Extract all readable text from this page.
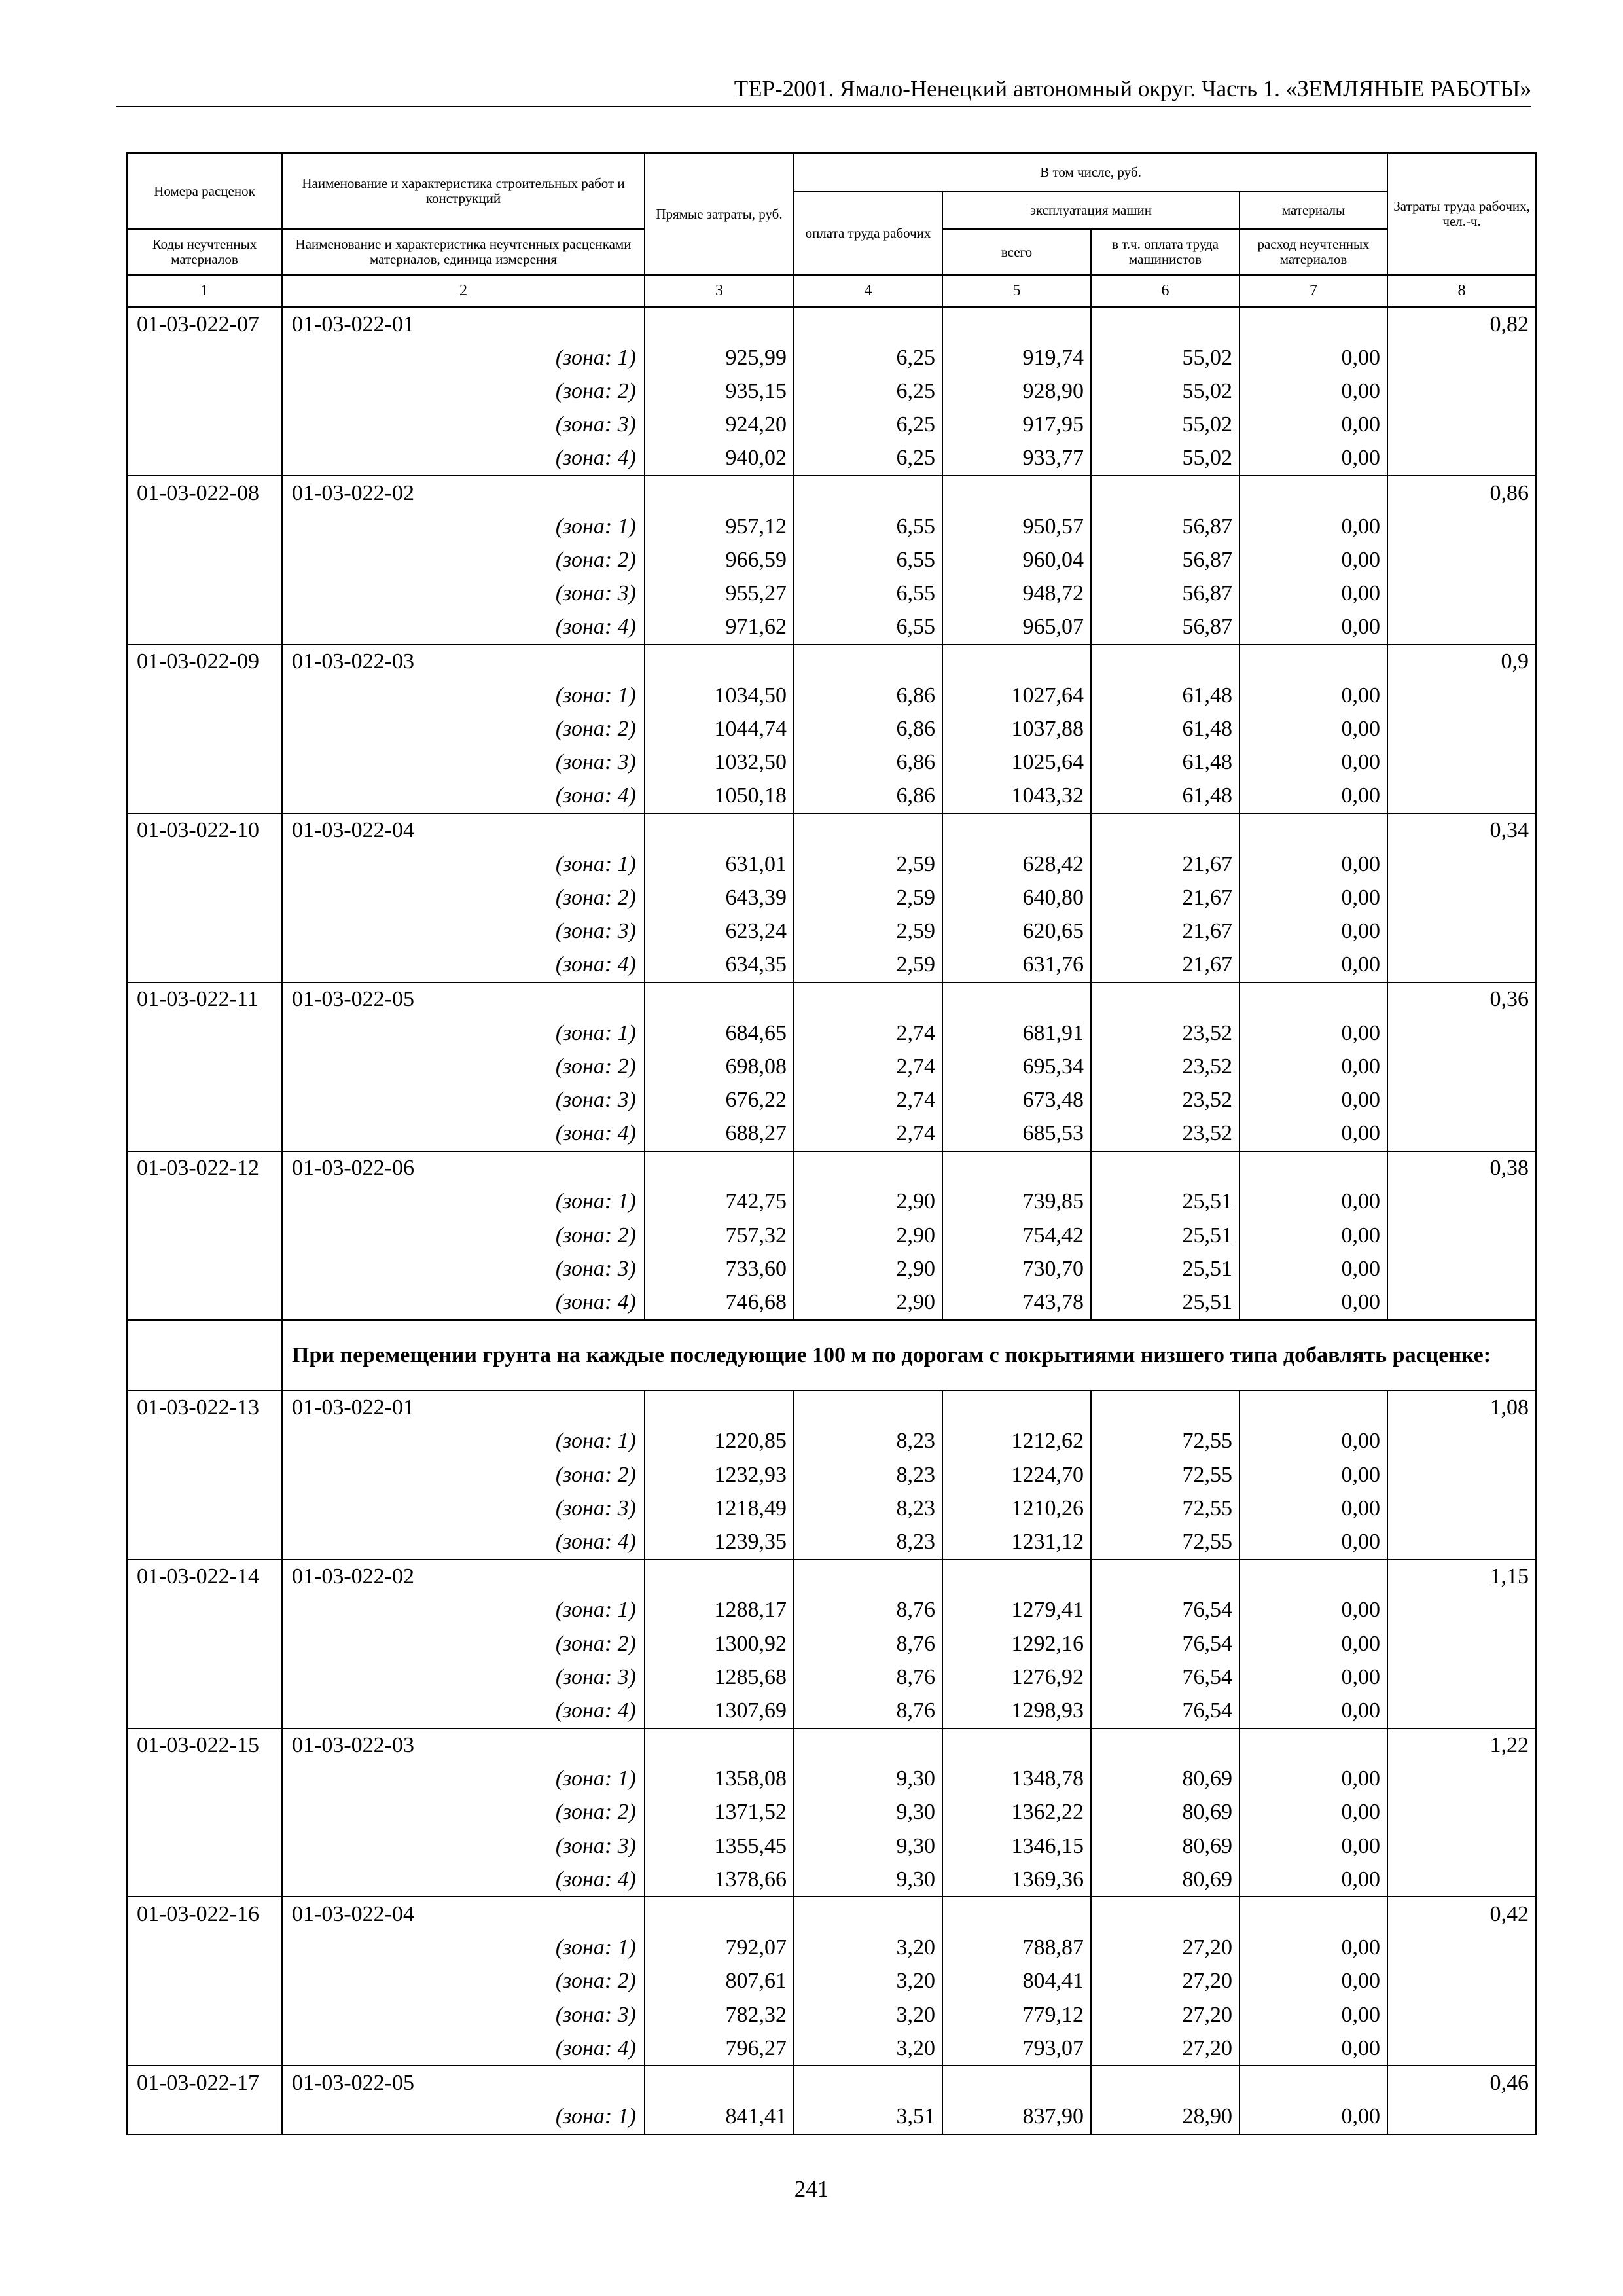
ТЕР-2001. Ямало-Ненецкий автономный округ. Часть 1. «ЗЕМЛЯНЫЕ РАБОТЫ»
Номера расценок	Наименование и характеристика строительных работ и конструкций	Прямые затраты, руб.	В том числе, руб.				Затраты труда рабочих, чел.-ч.
			оплата труда рабочих	эксплуатация машин		материалы	
Коды неучтенных материалов	Наименование и характеристика неучтенных расценками материалов, единица измерения			всего	в т.ч. оплата труда машинистов	расход неучтенных материалов	
1	2	3	4	5	6	7	8
01-03-022-07	01-03-022-01						0,82
	(зона: 1)	925,99	6,25	919,74	55,02	0,00	
	(зона: 2)	935,15	6,25	928,90	55,02	0,00	
	(зона: 3)	924,20	6,25	917,95	55,02	0,00	
	(зона: 4)	940,02	6,25	933,77	55,02	0,00	
01-03-022-08	01-03-022-02						0,86
	(зона: 1)	957,12	6,55	950,57	56,87	0,00	
	(зона: 2)	966,59	6,55	960,04	56,87	0,00	
	(зона: 3)	955,27	6,55	948,72	56,87	0,00	
	(зона: 4)	971,62	6,55	965,07	56,87	0,00	
01-03-022-09	01-03-022-03						0,9
	(зона: 1)	1034,50	6,86	1027,64	61,48	0,00	
	(зона: 2)	1044,74	6,86	1037,88	61,48	0,00	
	(зона: 3)	1032,50	6,86	1025,64	61,48	0,00	
	(зона: 4)	1050,18	6,86	1043,32	61,48	0,00	
01-03-022-10	01-03-022-04						0,34
	(зона: 1)	631,01	2,59	628,42	21,67	0,00	
	(зона: 2)	643,39	2,59	640,80	21,67	0,00	
	(зона: 3)	623,24	2,59	620,65	21,67	0,00	
	(зона: 4)	634,35	2,59	631,76	21,67	0,00	
01-03-022-11	01-03-022-05						0,36
	(зона: 1)	684,65	2,74	681,91	23,52	0,00	
	(зона: 2)	698,08	2,74	695,34	23,52	0,00	
	(зона: 3)	676,22	2,74	673,48	23,52	0,00	
	(зона: 4)	688,27	2,74	685,53	23,52	0,00	
01-03-022-12	01-03-022-06						0,38
	(зона: 1)	742,75	2,90	739,85	25,51	0,00	
	(зона: 2)	757,32	2,90	754,42	25,51	0,00	
	(зона: 3)	733,60	2,90	730,70	25,51	0,00	
	(зона: 4)	746,68	2,90	743,78	25,51	0,00	
	При перемещении грунта на каждые последующие 100 м по дорогам с покрытиями низшего типа добавлять расценке:						
01-03-022-13	01-03-022-01						1,08
	(зона: 1)	1220,85	8,23	1212,62	72,55	0,00	
	(зона: 2)	1232,93	8,23	1224,70	72,55	0,00	
	(зона: 3)	1218,49	8,23	1210,26	72,55	0,00	
	(зона: 4)	1239,35	8,23	1231,12	72,55	0,00	
01-03-022-14	01-03-022-02						1,15
	(зона: 1)	1288,17	8,76	1279,41	76,54	0,00	
	(зона: 2)	1300,92	8,76	1292,16	76,54	0,00	
	(зона: 3)	1285,68	8,76	1276,92	76,54	0,00	
	(зона: 4)	1307,69	8,76	1298,93	76,54	0,00	
01-03-022-15	01-03-022-03						1,22
	(зона: 1)	1358,08	9,30	1348,78	80,69	0,00	
	(зона: 2)	1371,52	9,30	1362,22	80,69	0,00	
	(зона: 3)	1355,45	9,30	1346,15	80,69	0,00	
	(зона: 4)	1378,66	9,30	1369,36	80,69	0,00	
01-03-022-16	01-03-022-04						0,42
	(зона: 1)	792,07	3,20	788,87	27,20	0,00	
	(зона: 2)	807,61	3,20	804,41	27,20	0,00	
	(зона: 3)	782,32	3,20	779,12	27,20	0,00	
	(зона: 4)	796,27	3,20	793,07	27,20	0,00	
01-03-022-17	01-03-022-05						0,46
	(зона: 1)	841,41	3,51	837,90	28,90	0,00	
241
